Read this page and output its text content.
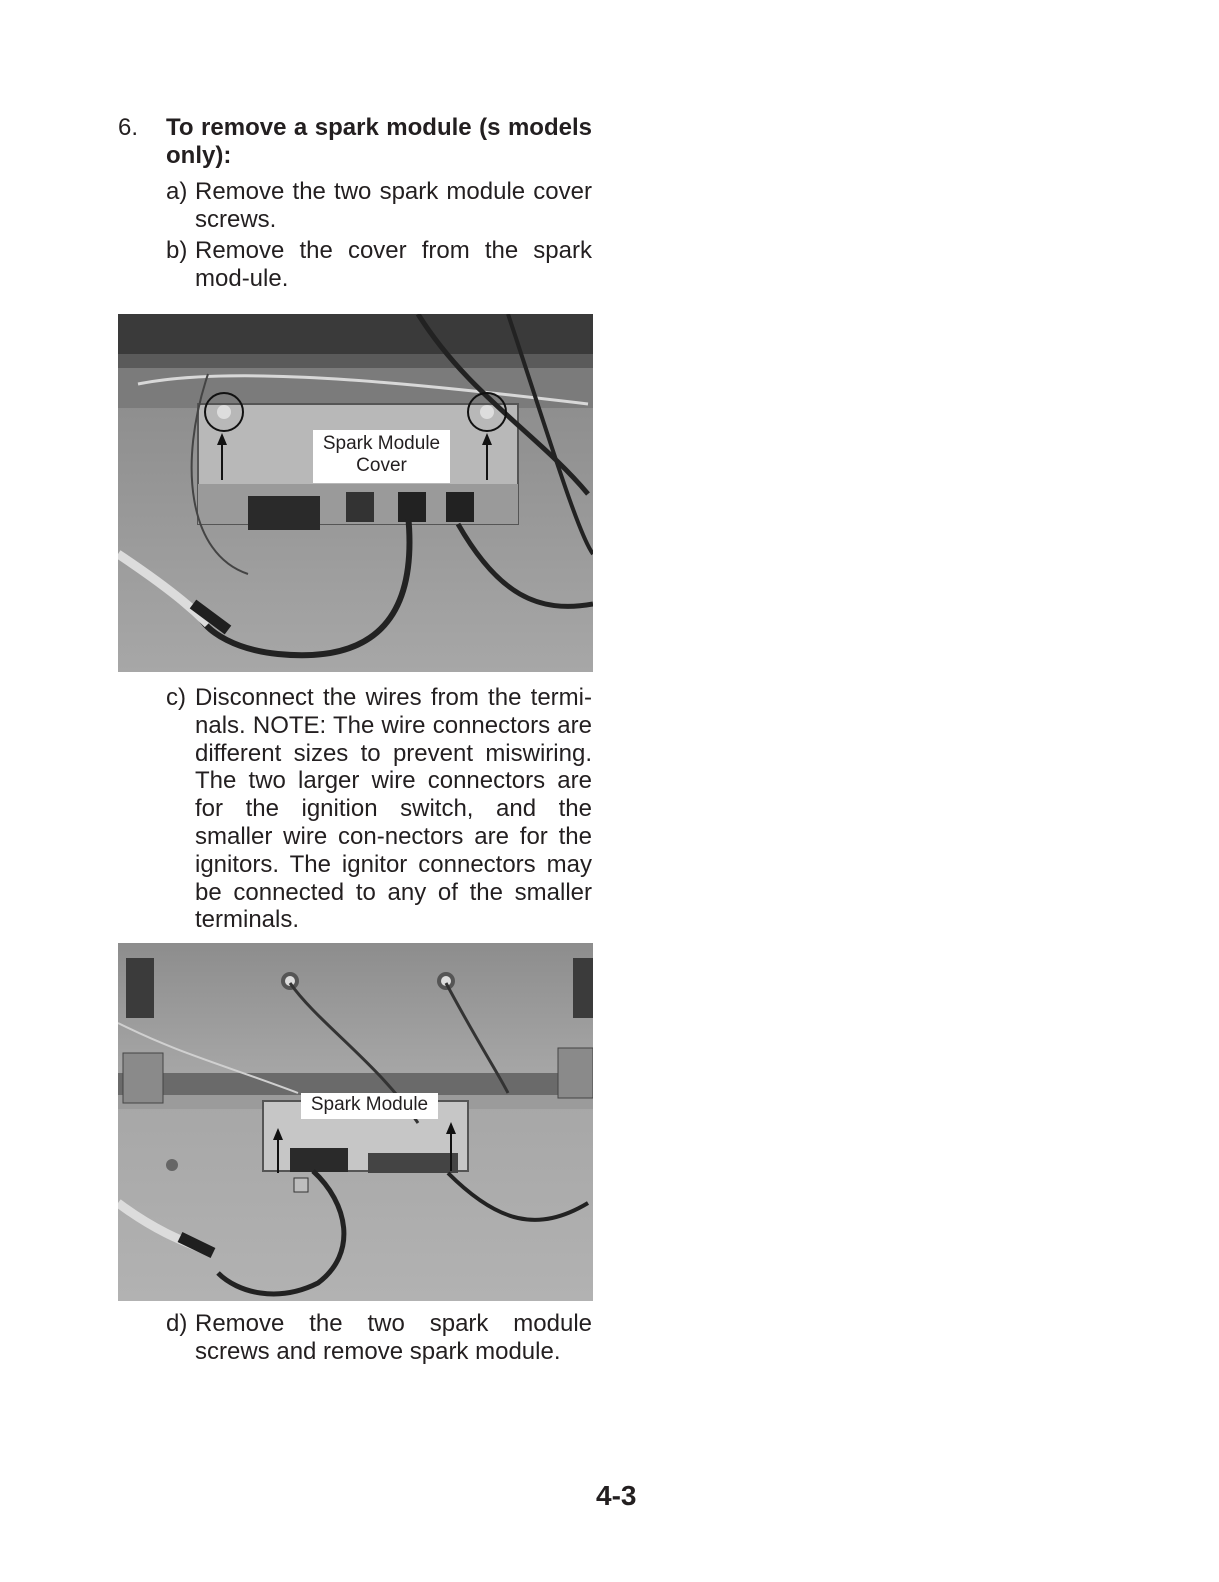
6. To remove a spark module (s models only):
a) Remove the two spark module cover screws.
b) Remove the cover from the spark mod-ule.
Spark Module
Cover
c) Disconnect the wires from the termi-nals. NOTE: The wire connectors are different sizes to prevent miswiring. The two larger wire connectors are for the ignition switch, and the smaller wire con-nectors are for the ignitors. The ignitor connectors may be connected to any of the smaller terminals.
Spark Module
d) Remove the two spark module screws and remove spark module.
4-3
